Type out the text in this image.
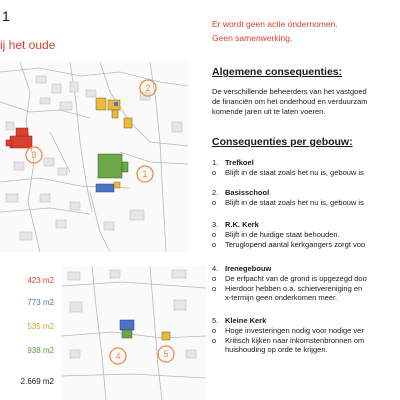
1
ij het oude
Er wordt geen actie ondernomen.
Geen samenwerking.
2
3
1
4	5
423 m2
773 m2
535 m2
938 m2
2.669 m2
Algemene consequenties:
De verschillende beheerders van het vastgoed
de financiën om het onderhoud en verduurzam
komende jaren uit te laten voeren.
Consequenties per gebouw:
1. Trefkoel
o Blijft in de staat zoals het nu is, gebouw is
2. Basisschool
o Blijft in de staat zoals het nu is, gebouw is
3. R.K. Kerk
o Blijft in de huidige staat behouden.
o Teruglopend aantal kerkgangers zorgt voo
4. Irenegebouw
o De erfpacht van de grond is opgezegd doo
o Hierdoor hebben o.a. schietvereniging en
x-termijn geen onderkomen meer.
5. Kleine Kerk
o Hoge investeringen nodig voor nodige ver
o Kritisch kijken naar inkomstenbronnen om
huishouding op orde te krijgen.
